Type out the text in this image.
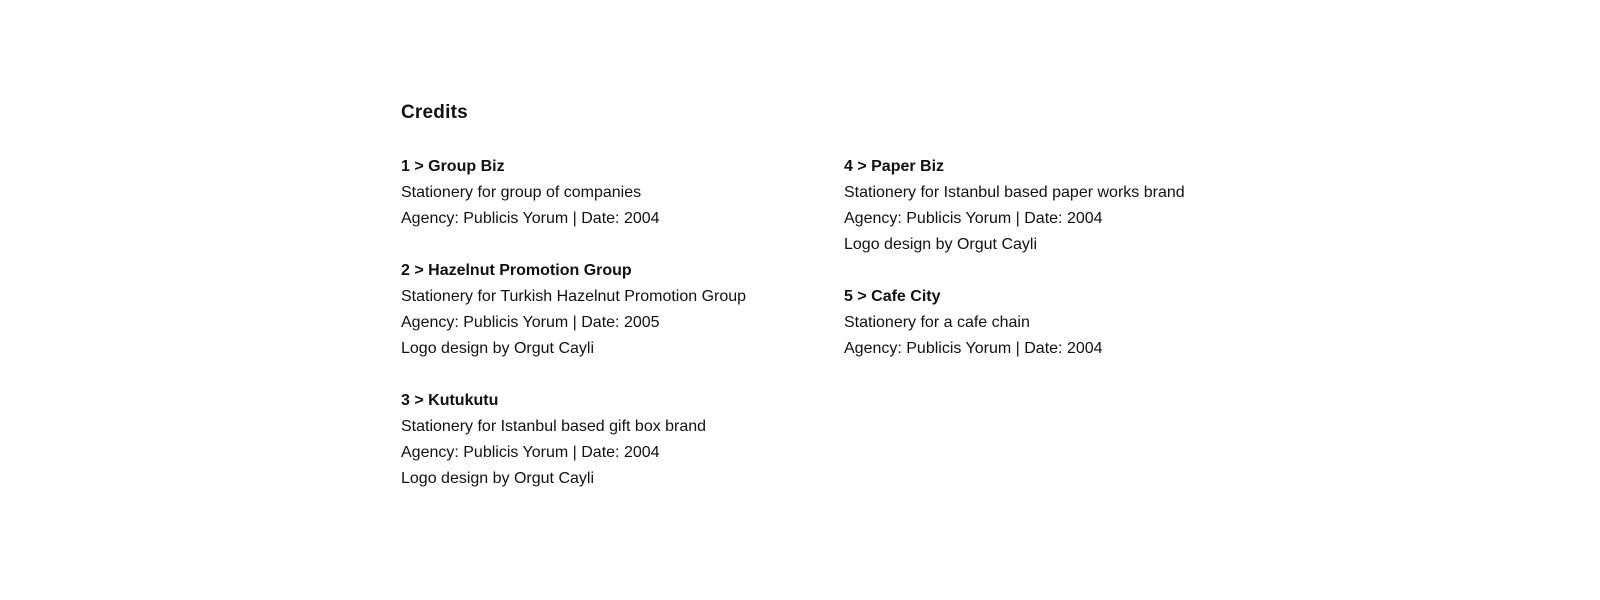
Credits
1 > Group Biz
Stationery for group of companies
Agency: Publicis Yorum | Date: 2004
2 > Hazelnut Promotion Group
Stationery for Turkish Hazelnut Promotion Group
Agency: Publicis Yorum | Date: 2005
Logo design by Orgut Cayli
3 > Kutukutu
Stationery for Istanbul based gift box brand
Agency: Publicis Yorum | Date: 2004
Logo design by Orgut Cayli
4 > Paper Biz
Stationery for Istanbul based paper works brand
Agency: Publicis Yorum | Date: 2004
Logo design by Orgut Cayli
5 > Cafe City
Stationery for a cafe chain
Agency: Publicis Yorum | Date: 2004
